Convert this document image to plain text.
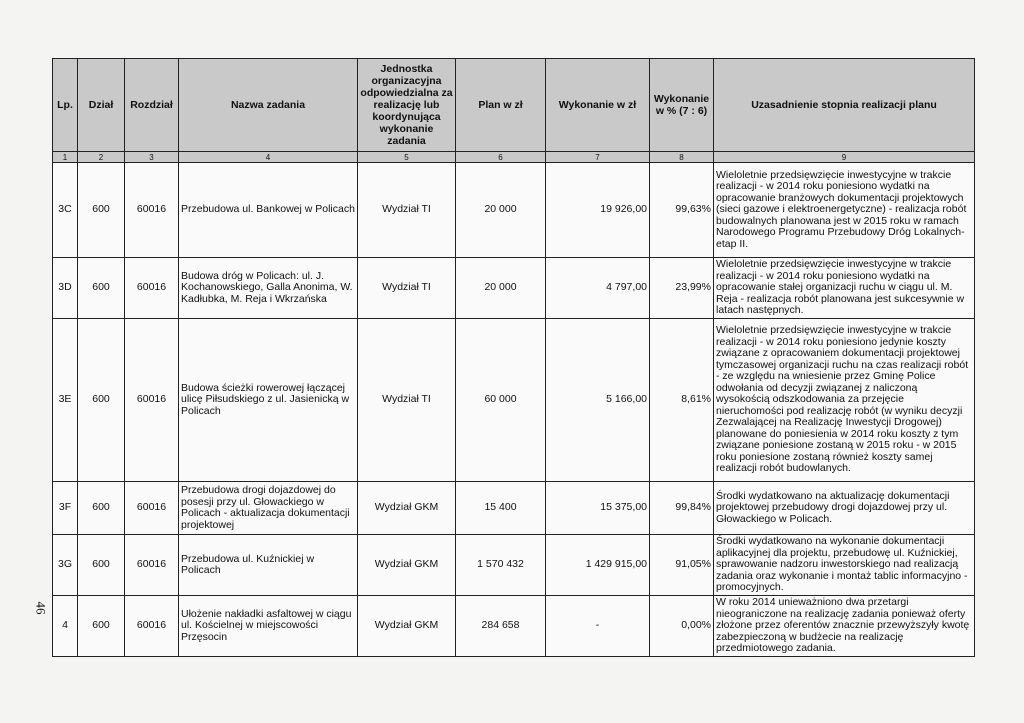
46
Lp.	Dział	Rozdział	Nazwa zadania	Jednostka organizacyjna odpowiedzialna za realizację lub koordynująca wykonanie zadania	Plan w zł	Wykonanie w zł	Wykonanie w % (7 : 6)	Uzasadnienie stopnia realizacji planu
1	2	3	4	5	6	7	8	9
3C	600	60016	Przebudowa ul. Bankowej w Policach	Wydział TI	20 000	19 926,00	99,63%	Wieloletnie przedsięwzięcie inwestycyjne w trakcie realizacji - w 2014 roku poniesiono wydatki na opracowanie branżowych dokumentacji projektowych (sieci gazowe i elektroenergetyczne) - realizacja robót budowalnych planowana jest w 2015 roku w ramach Narodowego Programu Przebudowy Dróg Lokalnych-etap II.
3D	600	60016	Budowa dróg w Policach: ul. J. Kochanowskiego, Galla Anonima, W. Kadłubka, M. Reja i Wkrzańska	Wydział TI	20 000	4 797,00	23,99%	Wieloletnie przedsięwzięcie inwestycyjne w trakcie realizacji - w 2014 roku poniesiono wydatki na opracowanie stałej organizacji ruchu w ciągu ul. M. Reja - realizacja robót planowana jest sukcesywnie w latach następnych.
3E	600	60016	Budowa ścieżki rowerowej łączącej ulicę Piłsudskiego z ul. Jasienicką w Policach	Wydział TI	60 000	5 166,00	8,61%	Wieloletnie przedsięwzięcie inwestycyjne w trakcie realizacji - w 2014 roku poniesiono jedynie koszty związane z opracowaniem dokumentacji projektowej tymczasowej organizacji ruchu na czas realizacji robót - ze względu na wniesienie przez Gminę Police odwołania od decyzji związanej z naliczoną wysokością odszkodowania za przejęcie nieruchomości pod realizację robót (w wyniku decyzji Zezwalającej na Realizację Inwestycji Drogowej) planowane do poniesienia w 2014 roku koszty z tym związane poniesione zostaną w 2015 roku - w 2015 roku poniesione zostaną również koszty samej realizacji robót budowlanych.
3F	600	60016	Przebudowa drogi dojazdowej do posesji przy ul. Głowackiego w Policach - aktualizacja dokumentacji projektowej	Wydział GKM	15 400	15 375,00	99,84%	Środki wydatkowano na aktualizację dokumentacji projektowej przebudowy drogi dojazdowej przy ul. Głowackiego w Policach.
3G	600	60016	Przebudowa ul. Kuźnickiej w Policach	Wydział GKM	1 570 432	1 429 915,00	91,05%	Środki wydatkowano na wykonanie dokumentacji aplikacyjnej dla projektu, przebudowę ul. Kuźnickiej, sprawowanie nadzoru inwestorskiego nad realizacją zadania oraz wykonanie i montaż tablic informacyjno - promocyjnych.
4	600	60016	Ułożenie nakładki asfaltowej w ciągu ul. Kościelnej w miejscowości Przęsocin	Wydział GKM	284 658	-	0,00%	W roku 2014 unieważniono dwa przetargi nieograniczone na realizację zadania ponieważ oferty złożone przez oferentów znacznie przewyższyły kwotę zabezpieczoną w budżecie na realizację przedmiotowego zadania.
